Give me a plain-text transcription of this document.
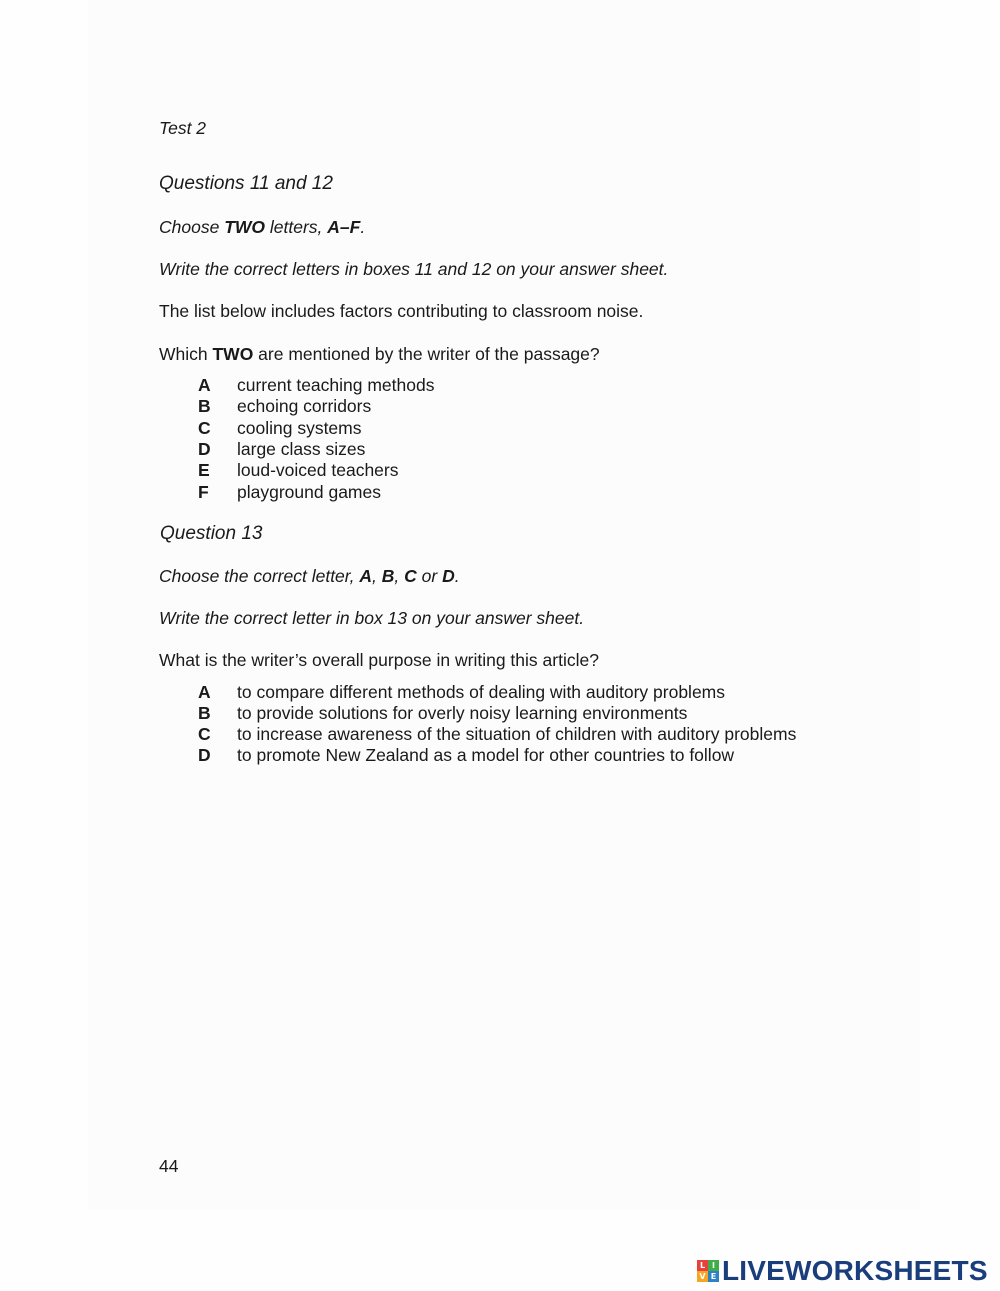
Test 2
Questions 11 and 12
Choose TWO letters, A–F.
Write the correct letters in boxes 11 and 12 on your answer sheet.
The list below includes factors contributing to classroom noise.
Which TWO are mentioned by the writer of the passage?
A current teaching methods
B echoing corridors
C cooling systems
D large class sizes
E loud-voiced teachers
F playground games
Question 13
Choose the correct letter, A, B, C or D.
Write the correct letter in box 13 on your answer sheet.
What is the writer’s overall purpose in writing this article?
A to compare different methods of dealing with auditory problems
B to provide solutions for overly noisy learning environments
C to increase awareness of the situation of children with auditory problems
D to promote New Zealand as a model for other countries to follow
44
L I
V E LIVEWORKSHEETS
